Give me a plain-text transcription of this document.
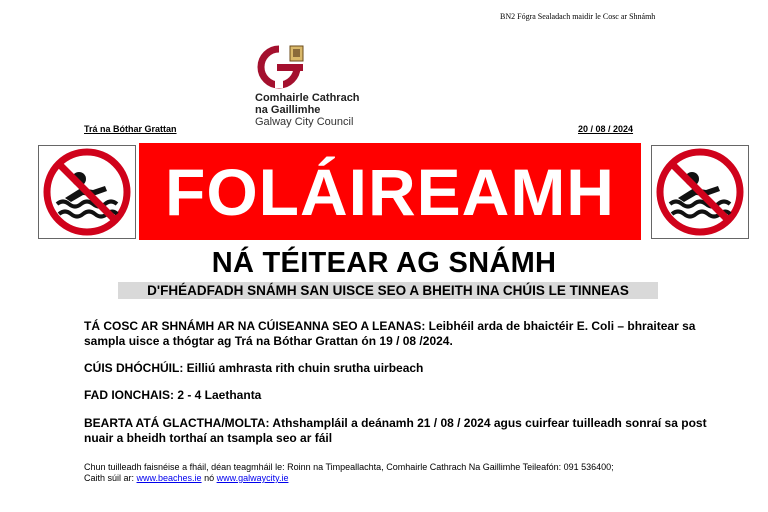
BN2 Fógra Sealadach maidir le Cosc ar Shnámh
Comhairle Cathrach
na Gaillimhe
Galway City Council
Trá na Bóthar Grattan	20 / 08 / 2024
FOLÁIREAMH
NÁ TÉITEAR AG SNÁMH
D'FHÉADFADH SNÁMH SAN UISCE SEO A BHEITH INA CHÚIS LE TINNEAS
TÁ COSC AR SHNÁMH AR NA CÚISEANNA SEO A LEANAS: Leibhéil arda de bhaictéir E. Coli – bhraitear sa sampla uisce a thógtar ag Trá na Bóthar Grattan ón 19 / 08 /2024.
CÚIS DHÓCHÚIL: Eilliú amhrasta rith chuin srutha uirbeach
FAD IONCHAIS: 2 - 4 Laethanta
BEARTA ATÁ GLACTHA/MOLTA: Athshampláil a deánamh 21 / 08 / 2024 agus cuirfear tuilleadh sonraí sa post nuair a bheidh torthaí an tsampla seo ar fáil
Chun tuilleadh faisnéise a fháil, déan teagmháil le: Roinn na Timpeallachta, Comhairle Cathrach Na Gaillimhe Teileafón: 091 536400;
Caith súil ar: www.beaches.ie nó www.galwaycity.ie
